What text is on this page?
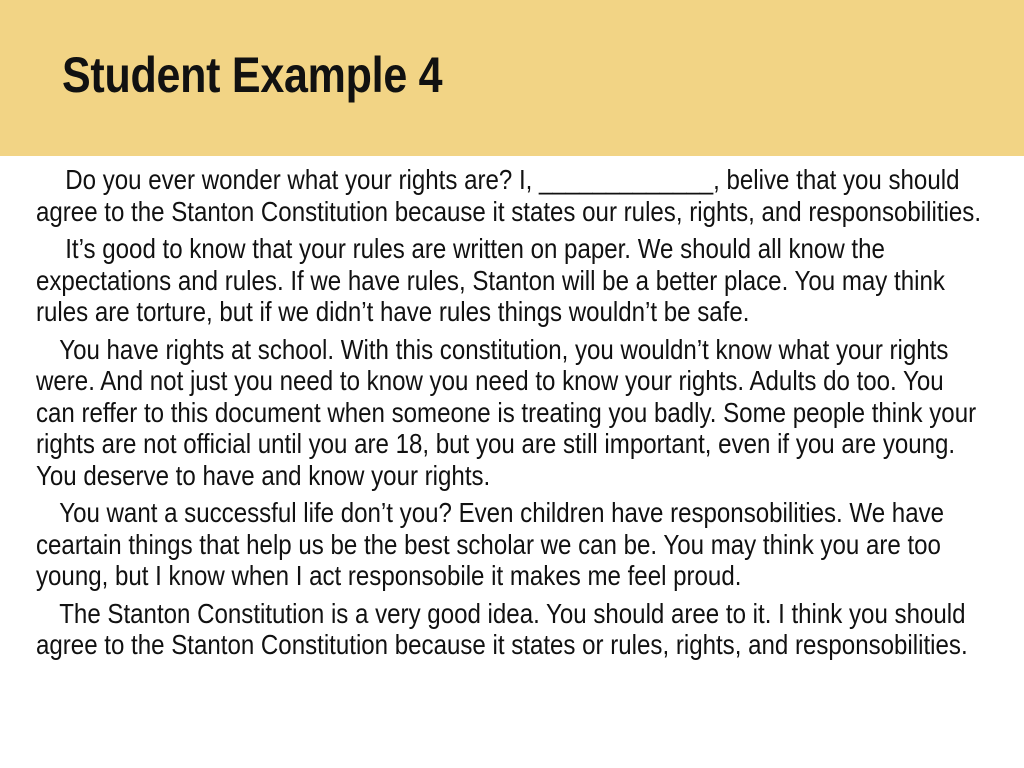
Student Example 4

Do you ever wonder what your rights are? I, _____________, belive that you should agree to the Stanton Constitution because it states our rules, rights, and responsobilities.

It’s good to know that your rules are written on paper. We should all know the expectations and rules. If we have rules, Stanton will be a better place. You may think rules are torture, but if we didn’t have rules things wouldn’t be safe.

You have rights at school. With this constitution, you wouldn’t know what your rights were. And not just you need to know you need to know your rights. Adults do too. You can reffer to this document when someone is treating you badly. Some people think your rights are not official until you are 18, but you are still important, even if you are young. You deserve to have and know your rights.

You want a successful life don’t you? Even children have responsobilities. We have ceartain things that help us be the best scholar we can be. You may think you are too young, but I know when I act responsobile it makes me feel proud.

The Stanton Constitution is a very good idea. You should aree to it. I think you should agree to the Stanton Constitution because it states or rules, rights, and responsobilities.
